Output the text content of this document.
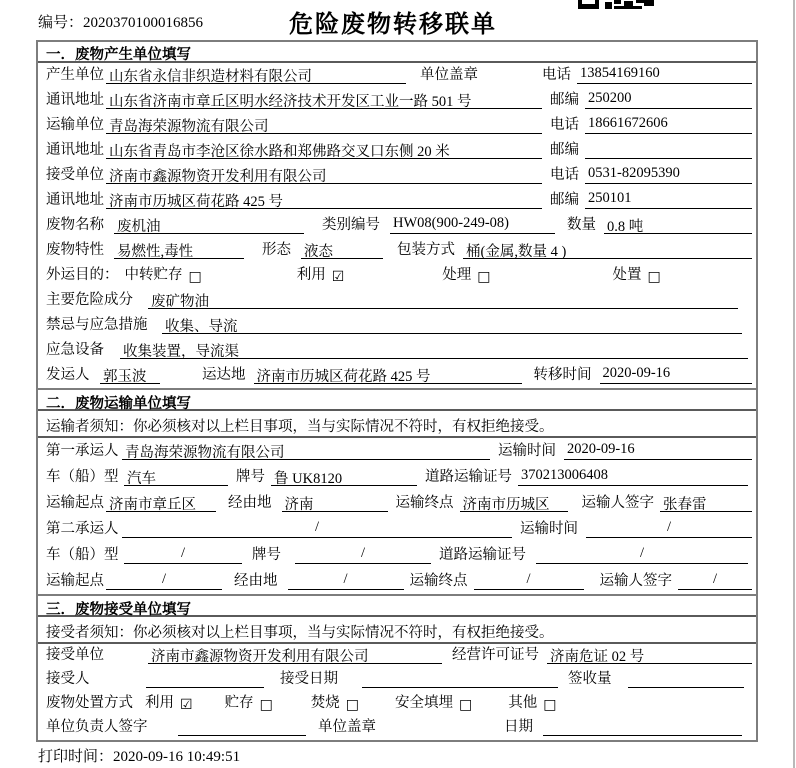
编号：2020370100016856	危险废物转移联单
一．废物产生单位填写
产生单位 山东省永信非织造材料有限公司	单位盖章	电话 13854169160
通讯地址 山东省济南市章丘区明水经济技术开发区工业一路 501 号	邮编 250200
运输单位 青岛海荣源物流有限公司	电话 18661672606
通讯地址 山东省青岛市李沧区徐水路和郑佛路交叉口东侧 20 米	邮编
接受单位 济南市鑫源物资开发利用有限公司	电话 0531-82095390
通讯地址 济南市历城区荷花路 425 号	邮编 250101
废物名称 废机油	类别编号 HW08(900-249-08)	数量 0.8 吨
废物特性 易燃性,毒性	形态 液态	包装方式 桶(金属,数量 4 )
外运目的： 中转贮存 □	利用 ☑	处理 □	处置 □
主要危险成分 废矿物油
禁忌与应急措施 收集、导流
应急设备 收集装置，导流渠
发运人 郭玉波	运达地 济南市历城区荷花路 425 号	转移时间 2020-09-16
二．废物运输单位填写
运输者须知：你必须核对以上栏目事项，当与实际情况不符时，有权拒绝接受。
第一承运人 青岛海荣源物流有限公司	运输时间 2020-09-16
车（船）型 汽车	牌号 鲁 UK8120	道路运输证号 370213006408
运输起点 济南市章丘区	经由地 济南	运输终点 济南市历城区	运输人签字 张春雷
第二承运人	/	运输时间	/
车（船）型	/	牌号	/	道路运输证号	/
运输起点	/	经由地	/	运输终点	/	运输人签字	/
三．废物接受单位填写
接受者须知：你必须核对以上栏目事项，当与实际情况不符时，有权拒绝接受。
接受单位	济南市鑫源物资开发利用有限公司	经营许可证号 济南危证 02 号
接受人	接受日期	签收量
废物处置方式 利用 ☑ 贮存 □	焚烧 □ 安全填埋 □ 其他 □
单位负责人签字	单位盖章	日期
打印时间：2020-09-16 10:49:51
